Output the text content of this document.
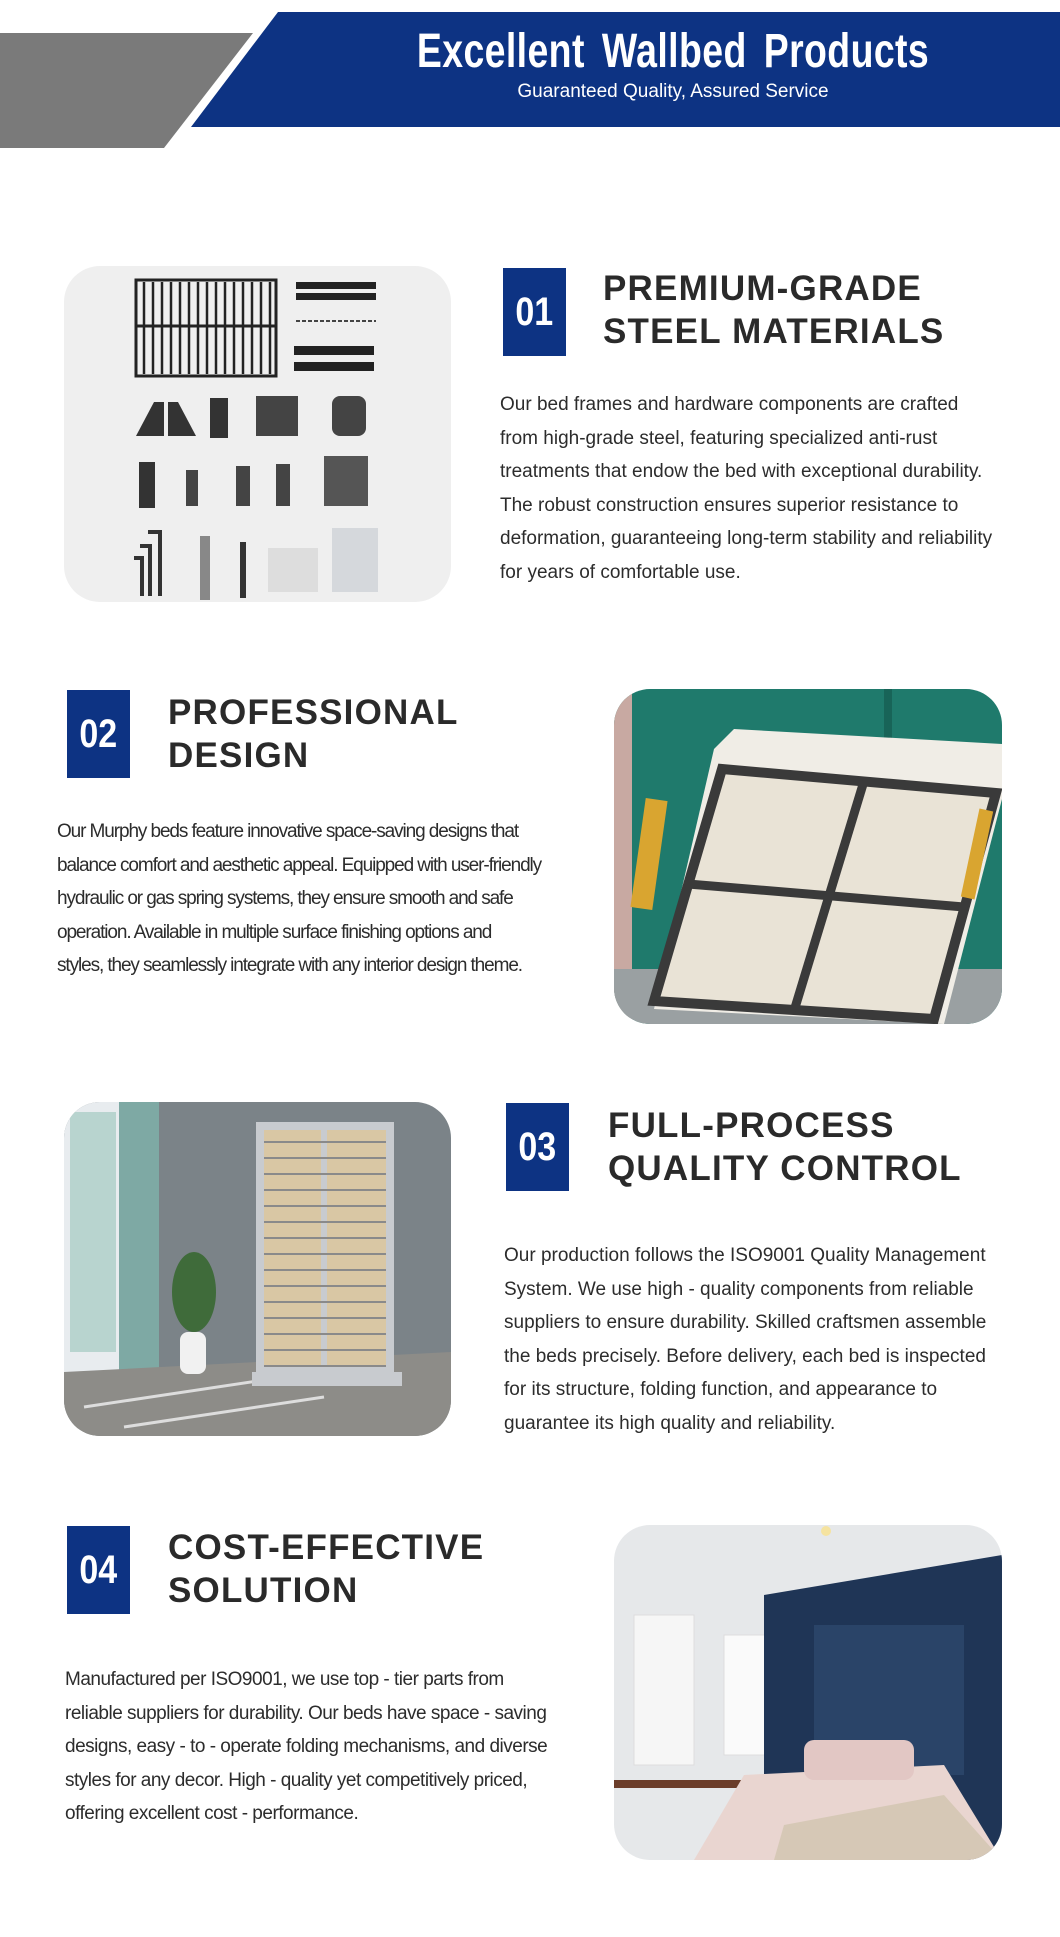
Excellent Wallbed Products
Guaranteed Quality, Assured Service
01
PREMIUM-GRADE
STEEL MATERIALS
Our bed frames and hardware components are crafted
from high-grade steel, featuring specialized anti-rust
treatments that endow the bed with exceptional durability.
The robust construction ensures superior resistance to
deformation, guaranteeing long-term stability and reliability
for years of comfortable use.
02 PROFESSIONAL
DESIGN
Our Murphy beds feature innovative space-saving designs that
balance comfort and aesthetic appeal. Equipped with user-friendly
hydraulic or gas spring systems, they ensure smooth and safe
operation. Available in multiple surface finishing options and
styles, they seamlessly integrate with any interior design theme.
03 FULL-PROCESS
QUALITY CONTROL
Our production follows the ISO9001 Quality Management
System. We use high - quality components from reliable
suppliers to ensure durability. Skilled craftsmen assemble
the beds precisely. Before delivery, each bed is inspected
for its structure, folding function, and appearance to
guarantee its high quality and reliability.
04 COST-EFFECTIVE
SOLUTION
Manufactured per ISO9001, we use top - tier parts from
reliable suppliers for durability. Our beds have space - saving
designs, easy - to - operate folding mechanisms, and diverse
styles for any decor. High - quality yet competitively priced,
offering excellent cost - performance.
